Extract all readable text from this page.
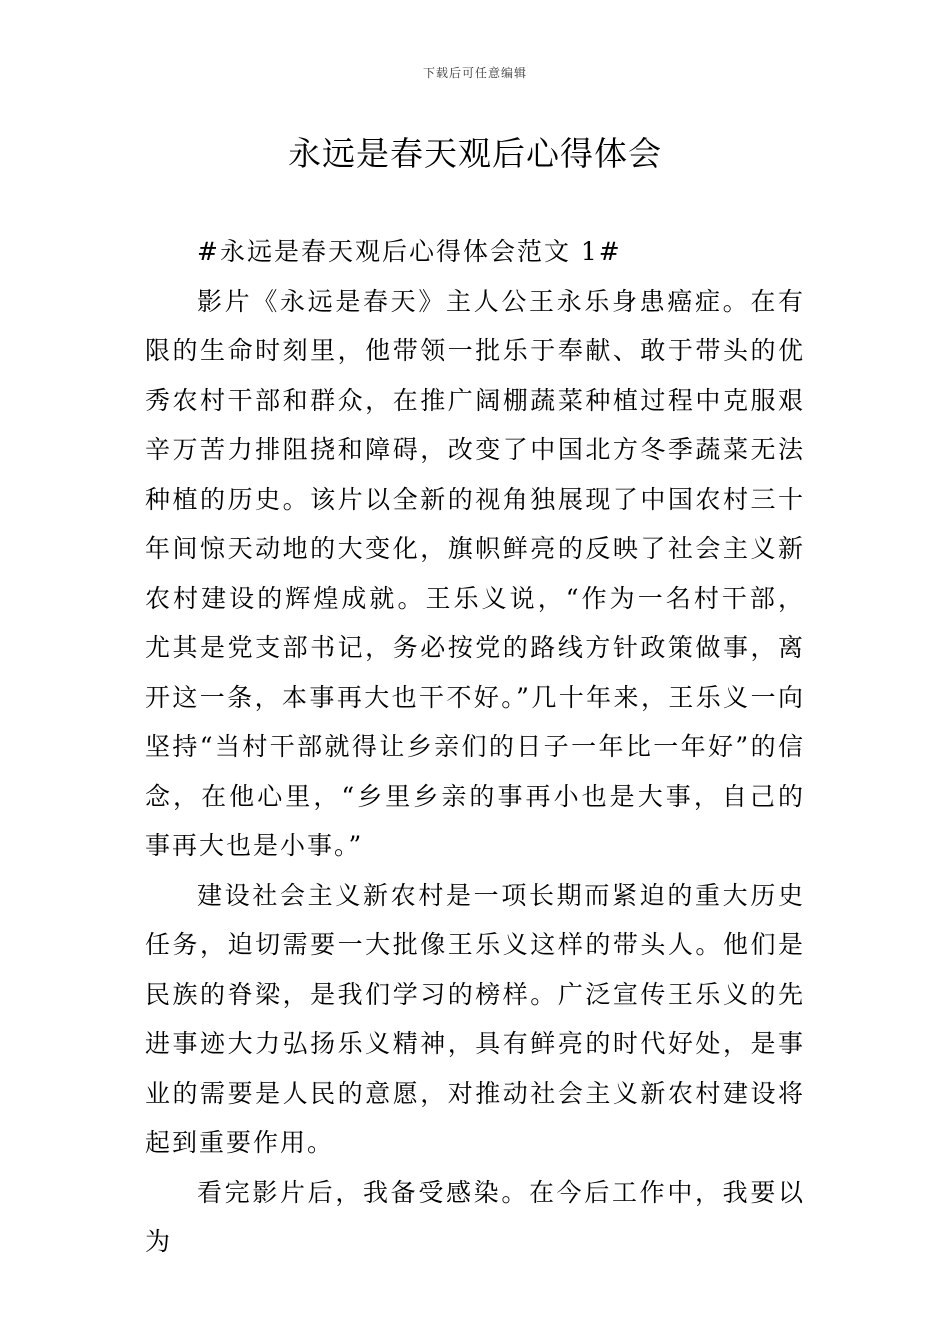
下载后可任意编辑
永远是春天观后心得体会

#永远是春天观后心得体会范文 1#

影片《永远是春天》主人公王永乐身患癌症。在有限的生命时刻里，他带领一批乐于奉献、敢于带头的优秀农村干部和群众，在推广阔棚蔬菜种植过程中克服艰辛万苦力排阻挠和障碍，改变了中国北方冬季蔬菜无法种植的历史。该片以全新的视角独展现了中国农村三十年间惊天动地的大变化，旗帜鲜亮的反映了社会主义新农村建设的辉煌成就。王乐义说，“作为一名村干部，尤其是党支部书记，务必按党的路线方针政策做事，离开这一条，本事再大也干不好。”几十年来，王乐义一向坚持“当村干部就得让乡亲们的日子一年比一年好”的信念，在他心里，“乡里乡亲的事再小也是大事，自己的事再大也是小事。”

建设社会主义新农村是一项长期而紧迫的重大历史任务，迫切需要一大批像王乐义这样的带头人。他们是民族的脊梁，是我们学习的榜样。广泛宣传王乐义的先进事迹大力弘扬乐义精神，具有鲜亮的时代好处，是事业的需要是人民的意愿，对推动社会主义新农村建设将起到重要作用。

看完影片后，我备受感染。在今后工作中，我要以为
